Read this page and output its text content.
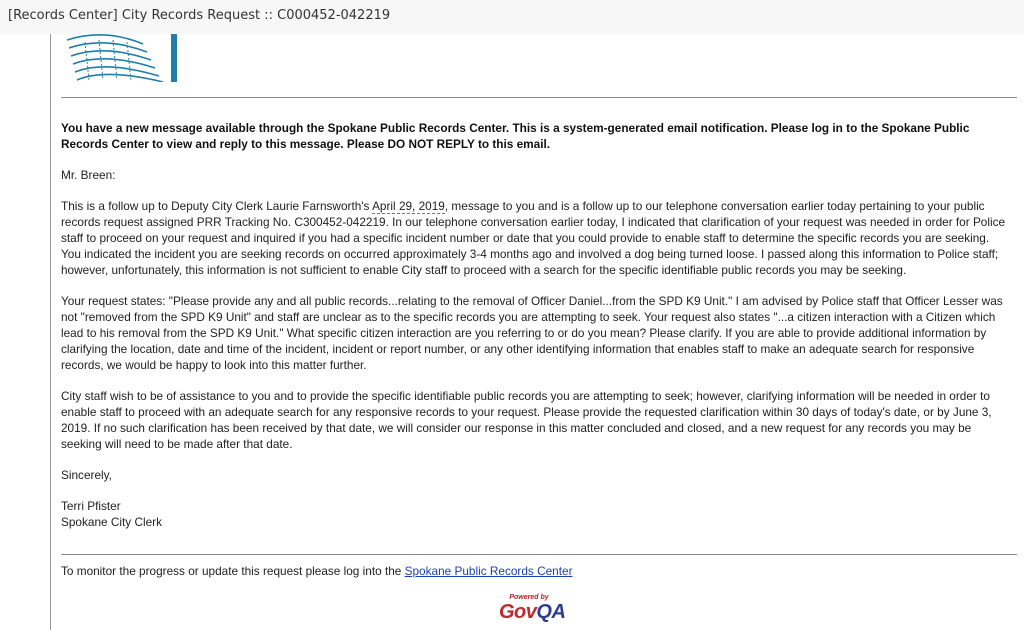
[Records Center] City Records Request :: C000452-042219

You have a new message available through the Spokane Public Records Center. This is a system-generated email notification. Please log in to the Spokane Public Records Center to view and reply to this message. Please DO NOT REPLY to this email.

Mr. Breen:

This is a follow up to Deputy City Clerk Laurie Farnsworth's April 29, 2019, message to you and is a follow up to our telephone conversation earlier today pertaining to your public records request assigned PRR Tracking No. C300452-042219. In our telephone conversation earlier today, I indicated that clarification of your request was needed in order for Police staff to proceed on your request and inquired if you had a specific incident number or date that you could provide to enable staff to determine the specific records you are seeking. You indicated the incident you are seeking records on occurred approximately 3-4 months ago and involved a dog being turned loose. I passed along this information to Police staff; however, unfortunately, this information is not sufficient to enable City staff to proceed with a search for the specific identifiable public records you may be seeking.

Your request states: "Please provide any and all public records...relating to the removal of Officer Daniel...from the SPD K9 Unit." I am advised by Police staff that Officer Lesser was not "removed from the SPD K9 Unit" and staff are unclear as to the specific records you are attempting to seek. Your request also states "...a citizen interaction with a Citizen which lead to his removal from the SPD K9 Unit." What specific citizen interaction are you referring to or do you mean? Please clarify. If you are able to provide additional information by clarifying the location, date and time of the incident, incident or report number, or any other identifying information that enables staff to make an adequate search for responsive records, we would be happy to look into this matter further.

City staff wish to be of assistance to you and to provide the specific identifiable public records you are attempting to seek; however, clarifying information will be needed in order to enable staff to proceed with an adequate search for any responsive records to your request. Please provide the requested clarification within 30 days of today's date, or by June 3, 2019. If no such clarification has been received by that date, we will consider our response in this matter concluded and closed, and a new request for any records you may be seeking will need to be made after that date.

Sincerely,

Terri Pfister

Spokane City Clerk

To monitor the progress or update this request please log into the Spokane Public Records Center
Powered by
GovQA
